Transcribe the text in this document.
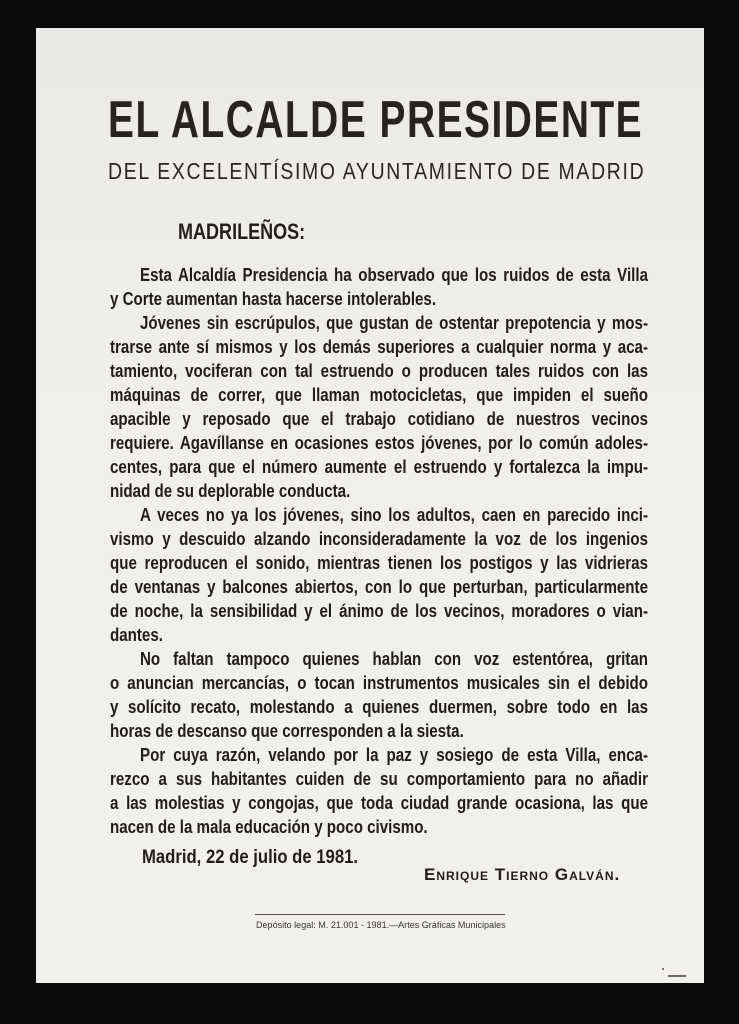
EL ALCALDE PRESIDENTE
DEL EXCELENTÍSIMO AYUNTAMIENTO DE MADRID
MADRILEÑOS:
Esta Alcaldía Presidencia ha observado que los ruidos de esta Villa
y Corte aumentan hasta hacerse intolerables.
Jóvenes sin escrúpulos, que gustan de ostentar prepotencia y mos-
trarse ante sí mismos y los demás superiores a cualquier norma y aca-
tamiento, vociferan con tal estruendo o producen tales ruidos con las
máquinas de correr, que llaman motocicletas, que impiden el sueño
apacible y reposado que el trabajo cotidiano de nuestros vecinos
requiere. Agavíllanse en ocasiones estos jóvenes, por lo común adoles-
centes, para que el número aumente el estruendo y fortalezca la impu-
nidad de su deplorable conducta.
A veces no ya los jóvenes, sino los adultos, caen en parecido inci-
vismo y descuido alzando inconsideradamente la voz de los ingenios
que reproducen el sonido, mientras tienen los postigos y las vidrieras
de ventanas y balcones abiertos, con lo que perturban, particularmente
de noche, la sensibilidad y el ánimo de los vecinos, moradores o vian-
dantes.
No faltan tampoco quienes hablan con voz estentórea, gritan
o anuncian mercancías, o tocan instrumentos musicales sin el debido
y solícito recato, molestando a quienes duermen, sobre todo en las
horas de descanso que corresponden a la siesta.
Por cuya razón, velando por la paz y sosiego de esta Villa, enca-
rezco a sus habitantes cuiden de su comportamiento para no añadir
a las molestias y congojas, que toda ciudad grande ocasiona, las que
nacen de la mala educación y poco civismo.
Madrid, 22 de julio de 1981.
Enrique Tierno Galván.
Depósito legal: M. 21.001 - 1981.—Artes Gráficas Municipales
